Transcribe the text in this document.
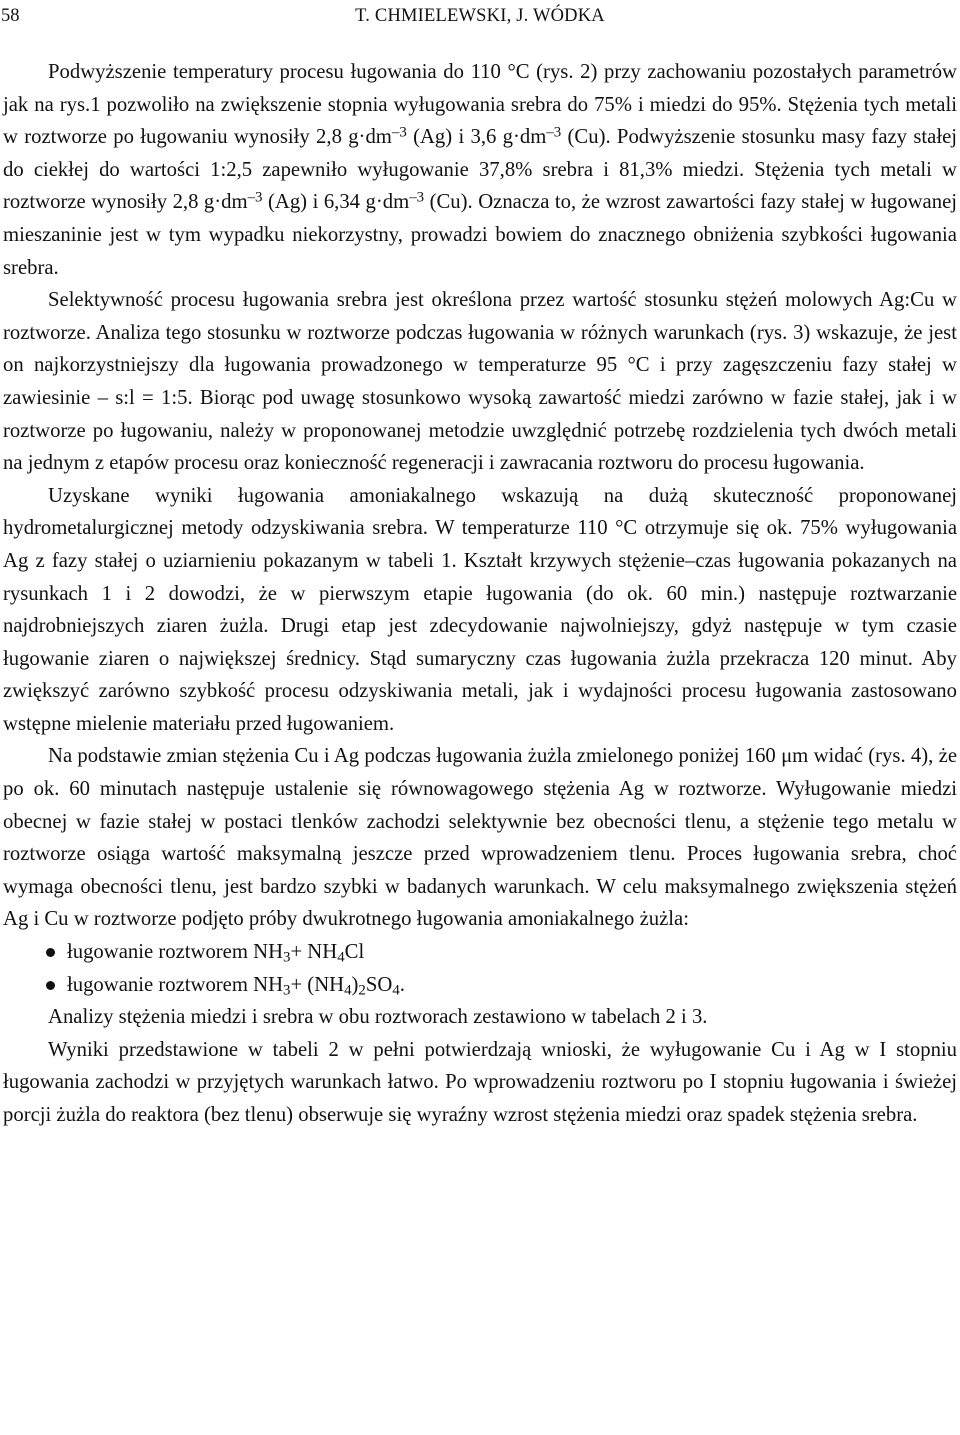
58	T. CHMIELEWSKI, J. WÓDKA

Podwyższenie temperatury procesu ługowania do 110 °C (rys. 2) przy zachowaniu pozostałych parametrów jak na rys.1 pozwoliło na zwiększenie stopnia wyługowania srebra do 75% i miedzi do 95%. Stężenia tych metali w roztworze po ługowaniu wynosiły 2,8 $g\cdot dm^{-3}$ (Ag) i 3,6 $g\cdot dm^{-3}$ (Cu). Podwyższenie stosunku masy fazy stałej do ciekłej do wartości 1:2,5 zapewniło wyługowanie 37,8% srebra i 81,3% miedzi. Stężenia tych metali w roztworze wynosiły 2,8 $g\cdot dm^{-3}$ (Ag) i 6,34 $g\cdot dm^{-3}$ (Cu). Oznacza to, że wzrost zawartości fazy stałej w ługowanej mieszaninie jest w tym wypadku niekorzystny, prowadzi bowiem do znacznego obniżenia szybkości ługowania srebra.

Selektywność procesu ługowania srebra jest określona przez wartość stosunku stężeń molowych Ag:Cu w roztworze. Analiza tego stosunku w roztworze podczas ługowania w różnych warunkach (rys. 3) wskazuje, że jest on najkorzystniejszy dla ługowania prowadzonego w temperaturze 95 °C i przy zagęszczeniu fazy stałej w zawiesinie – s:l = 1:5. Biorąc pod uwagę stosunkowo wysoką zawartość miedzi zarówno w fazie stałej, jak i w roztworze po ługowaniu, należy w proponowanej metodzie uwzględnić potrzebę rozdzielenia tych dwóch metali na jednym z etapów procesu oraz konieczność regeneracji i zawracania roztworu do procesu ługowania.

Uzyskane wyniki ługowania amoniakalnego wskazują na dużą skuteczność proponowanej hydrometalurgicznej metody odzyskiwania srebra. W temperaturze 110 °C otrzymuje się ok. 75% wyługowania Ag z fazy stałej o uziarnieniu pokazanym w tabeli 1. Kształt krzywych stężenie–czas ługowania pokazanych na rysunkach 1 i 2 dowodzi, że w pierwszym etapie ługowania (do ok. 60 min.) następuje roztwarzanie najdrobniejszych ziaren żużla. Drugi etap jest zdecydowanie najwolniejszy, gdyż następuje w tym czasie ługowanie ziaren o największej średnicy. Stąd sumaryczny czas ługowania żużla przekracza 120 minut. Aby zwiększyć zarówno szybkość procesu odzyskiwania metali, jak i wydajności procesu ługowania zastosowano wstępne mielenie materiału przed ługowaniem.

Na podstawie zmian stężenia Cu i Ag podczas ługowania żużla zmielonego poniżej 160 μm widać (rys. 4), że po ok. 60 minutach następuje ustalenie się równowagowego stężenia Ag w roztworze. Wyługowanie miedzi obecnej w fazie stałej w postaci tlenków zachodzi selektywnie bez obecności tlenu, a stężenie tego metalu w roztworze osiąga wartość maksymalną jeszcze przed wprowadzeniem tlenu. Proces ługowania srebra, choć wymaga obecności tlenu, jest bardzo szybki w badanych warunkach. W celu maksymalnego zwiększenia stężeń Ag i Cu w roztworze podjęto próby dwukrotnego ługowania amoniakalnego żużla:

ługowanie roztworem $NH_3+ NH_4Cl$
ługowanie roztworem $NH_3+ (NH_4)_2SO_4$.

Analizy stężenia miedzi i srebra w obu roztworach zestawiono w tabelach 2 i 3.

Wyniki przedstawione w tabeli 2 w pełni potwierdzają wnioski, że wyługowanie Cu i Ag w I stopniu ługowania zachodzi w przyjętych warunkach łatwo. Po wprowadzeniu roztworu po I stopniu ługowania i świeżej porcji żużla do reaktora (bez tlenu) obserwuje się wyraźny wzrost stężenia miedzi oraz spadek stężenia srebra.
